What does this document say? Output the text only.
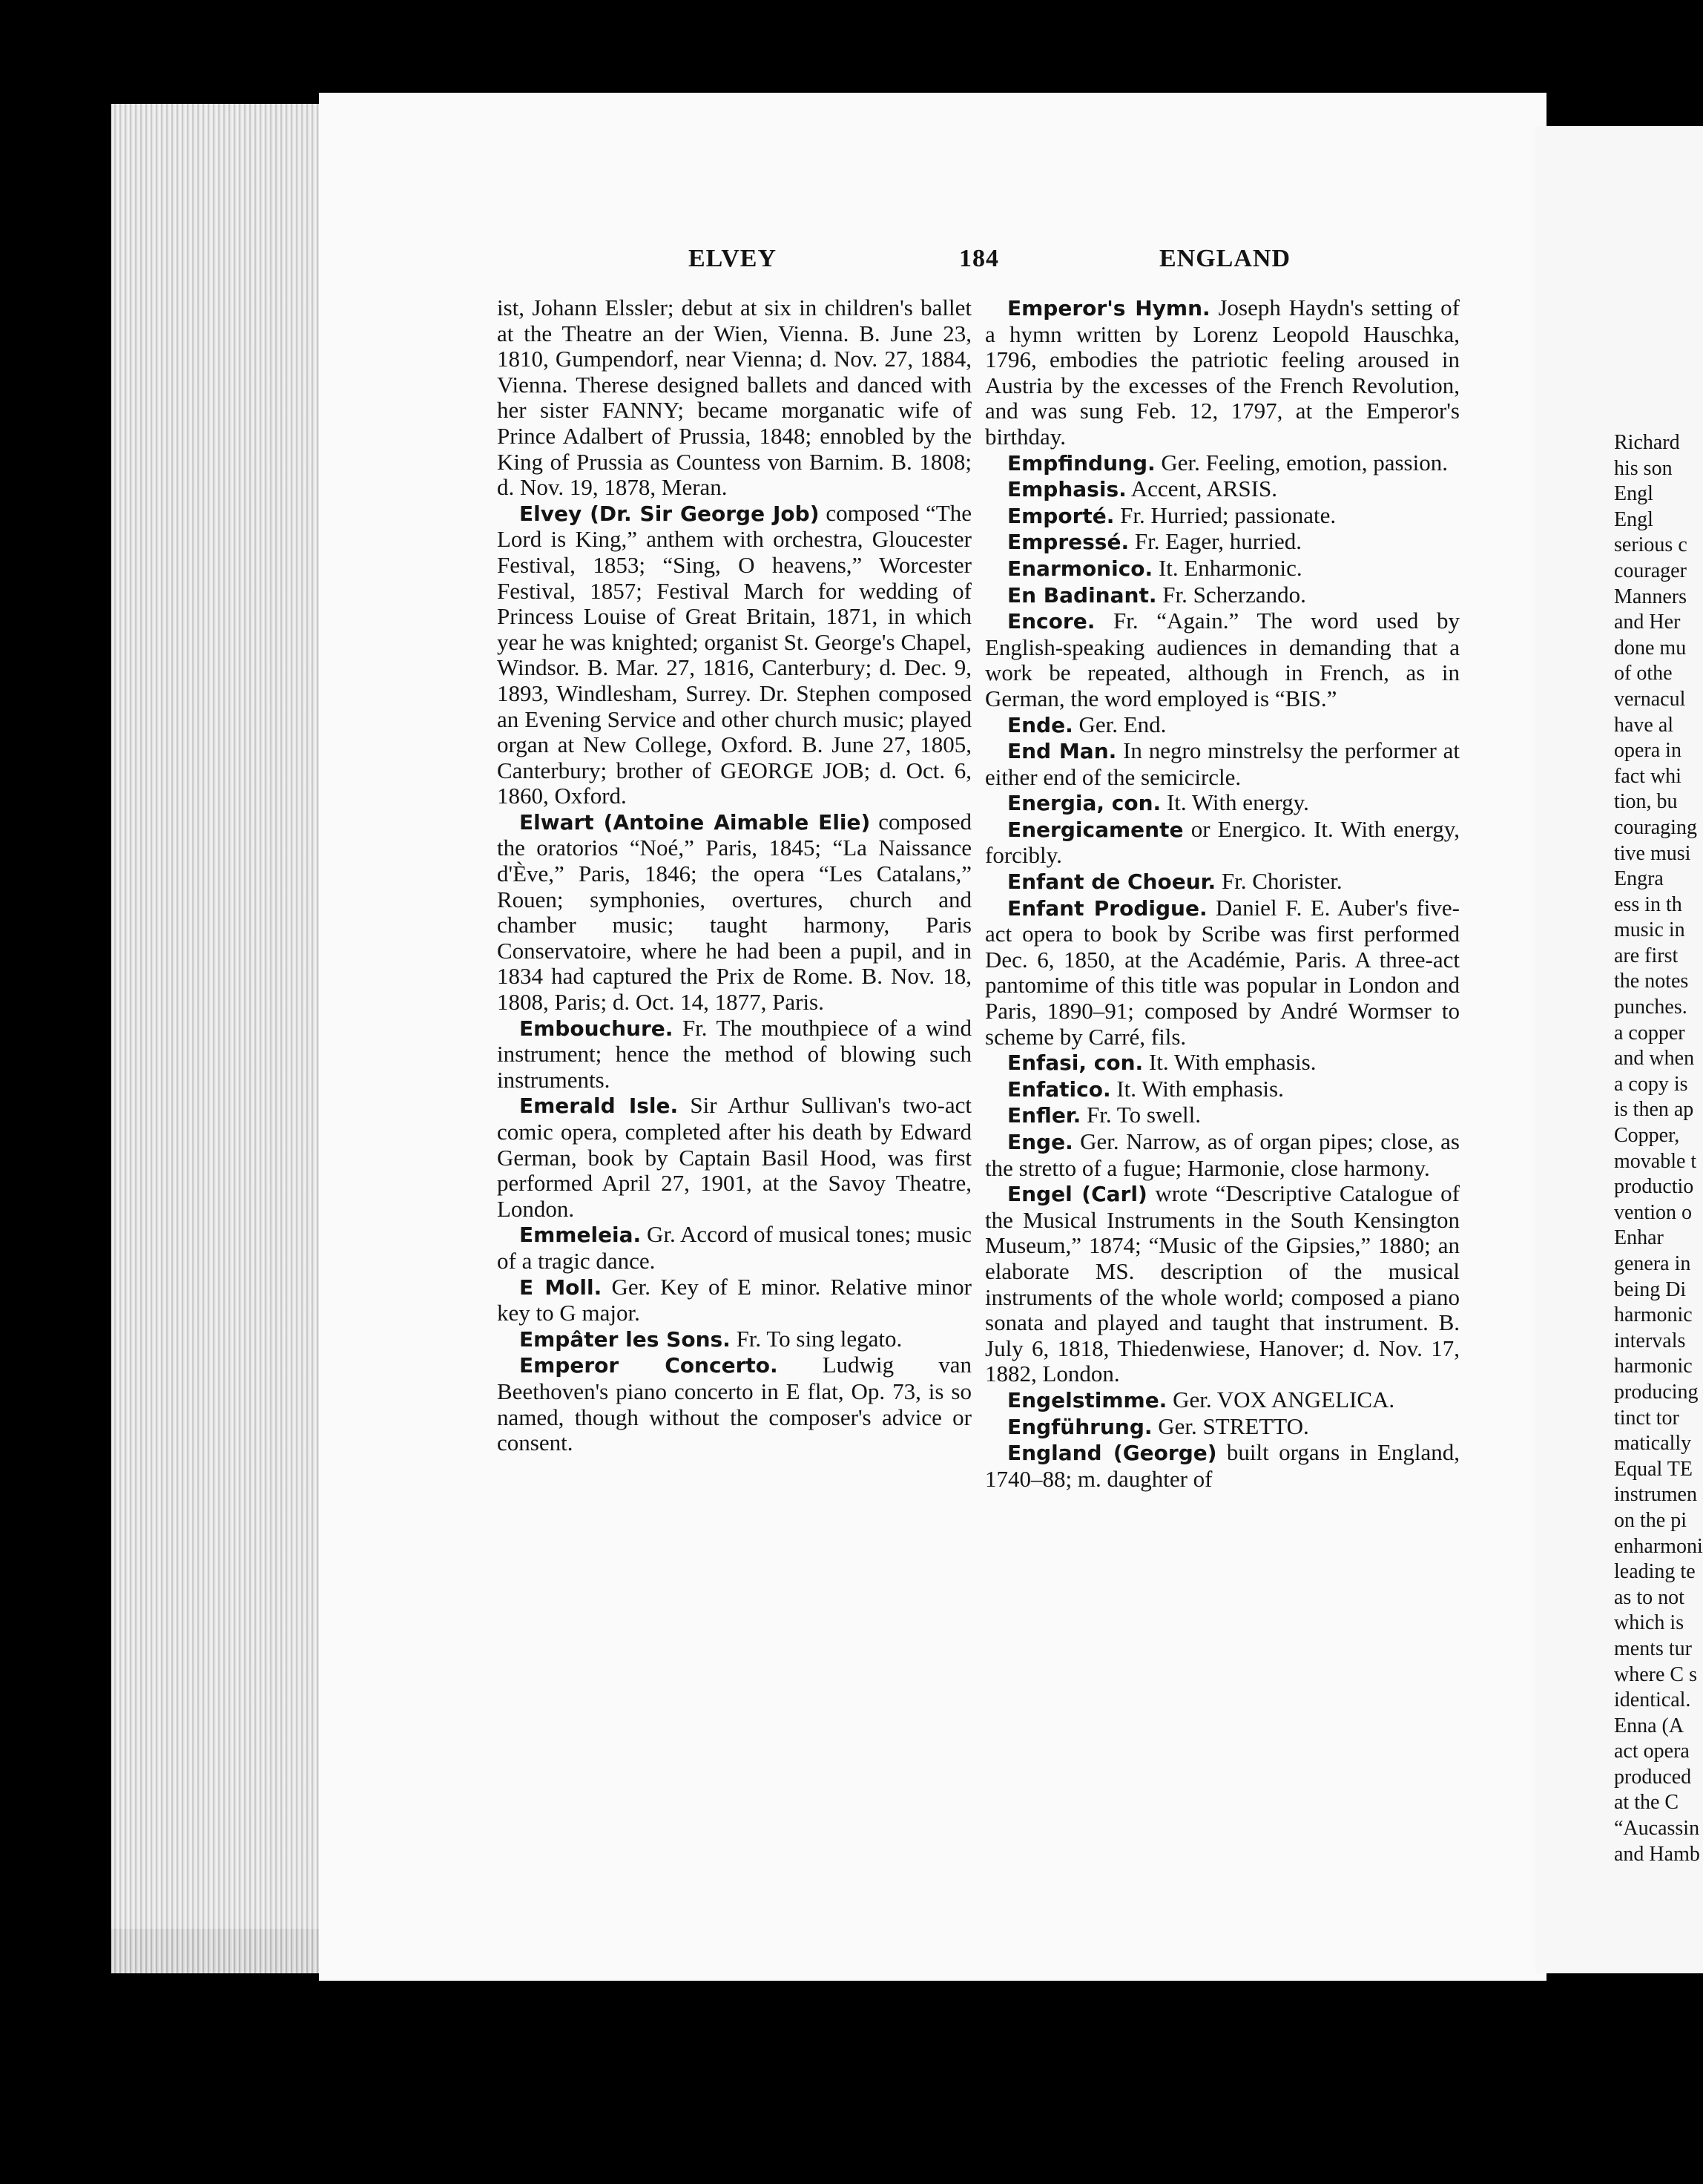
ELVEY	184	ENGLAND

ist, Johann Elssler; debut at six in children's ballet at the Theatre an der Wien, Vienna. B. June 23, 1810, Gumpendorf, near Vienna; d. Nov. 27, 1884, Vienna. Therese designed ballets and danced with her sister FANNY; became morganatic wife of Prince Adalbert of Prussia, 1848; ennobled by the King of Prussia as Countess von Barnim. B. 1808; d. Nov. 19, 1878, Meran.

Elvey (Dr. Sir George Job) composed “The Lord is King,” anthem with orchestra, Gloucester Festival, 1853; “Sing, O heavens,” Worcester Festival, 1857; Festival March for wedding of Princess Louise of Great Britain, 1871, in which year he was knighted; organist St. George's Chapel, Windsor. B. Mar. 27, 1816, Canterbury; d. Dec. 9, 1893, Windlesham, Surrey. Dr. Stephen composed an Evening Service and other church music; played organ at New College, Oxford. B. June 27, 1805, Canterbury; brother of GEORGE JOB; d. Oct. 6, 1860, Oxford.

Elwart (Antoine Aimable Elie) composed the oratorios “Noé,” Paris, 1845; “La Naissance d'Ève,” Paris, 1846; the opera “Les Catalans,” Rouen; symphonies, overtures, church and chamber music; taught harmony, Paris Conservatoire, where he had been a pupil, and in 1834 had captured the Prix de Rome. B. Nov. 18, 1808, Paris; d. Oct. 14, 1877, Paris.

Embouchure. Fr. The mouthpiece of a wind instrument; hence the method of blowing such instruments.

Emerald Isle. Sir Arthur Sullivan's two-act comic opera, completed after his death by Edward German, book by Captain Basil Hood, was first performed April 27, 1901, at the Savoy Theatre, London.

Emmeleia. Gr. Accord of musical tones; music of a tragic dance.

E Moll. Ger. Key of E minor. Relative minor key to G major.

Empâter les Sons. Fr. To sing legato.

Emperor Concerto. Ludwig van Beethoven's piano concerto in E flat, Op. 73, is so named, though without the composer's advice or consent.

Emperor's Hymn. Joseph Haydn's setting of a hymn written by Lorenz Leopold Hauschka, 1796, embodies the patriotic feeling aroused in Austria by the excesses of the French Revolution, and was sung Feb. 12, 1797, at the Emperor's birthday.

Empfindung. Ger. Feeling, emotion, passion.

Emphasis. Accent, ARSIS.

Emporté. Fr. Hurried; passionate.

Empressé. Fr. Eager, hurried.

Enarmonico. It. Enharmonic.

En Badinant. Fr. Scherzando.

Encore. Fr. “Again.” The word used by English-speaking audiences in demanding that a work be repeated, although in French, as in German, the word employed is “BIS.”

Ende. Ger. End.

End Man. In negro minstrelsy the performer at either end of the semicircle.

Energia, con. It. With energy.

Energicamente or Energico. It. With energy, forcibly.

Enfant de Choeur. Fr. Chorister.

Enfant Prodigue. Daniel F. E. Auber's five-act opera to book by Scribe was first performed Dec. 6, 1850, at the Académie, Paris. A three-act pantomime of this title was popular in London and Paris, 1890–91; composed by André Wormser to scheme by Carré, fils.

Enfasi, con. It. With emphasis.

Enfatico. It. With emphasis.

Enfler. Fr. To swell.

Enge. Ger. Narrow, as of organ pipes; close, as the stretto of a fugue; Harmonie, close harmony.

Engel (Carl) wrote “Descriptive Catalogue of the Musical Instruments in the South Kensington Museum,” 1874; “Music of the Gipsies,” 1880; an elaborate MS. description of the musical instruments of the whole world; composed a piano sonata and played and taught that instrument. B. July 6, 1818, Thiedenwiese, Hanover; d. Nov. 17, 1882, London.

Engelstimme. Ger. VOX ANGELICA.

Engführung. Ger. STRETTO.

England (George) built organs in England, 1740–88; m. daughter of

Richard
his son
Engl
Engl
serious c
courager
Manners
and Her
done mu
of othe
vernacul
have al
opera in
fact whi
tion, bu
couraging
tive musi
Engra
ess in th
music in
are first
the notes
punches.
a copper
and when
a copy is
is then ap
Copper,
movable t
productio
vention o
Enhar
genera in
being Di
harmonic
intervals
harmonic
producing
tinct tor
matically
Equal TE
instrumen
on the pi
enharmoni
leading te
as to not
which is
ments tur
where C s
identical.
Enna (A
act opera
produced
at the C
“Aucassin
and Hamb
